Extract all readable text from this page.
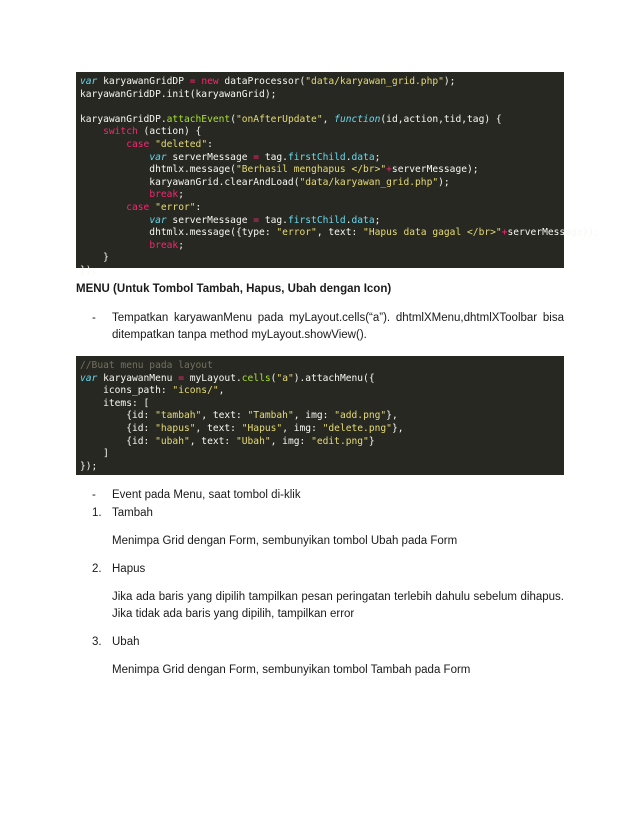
var karyawanGridDP = new dataProcessor("data/karyawan_grid.php");
karyawanGridDP.init(karyawanGrid);
karyawanGridDP.attachEvent("onAfterUpdate", function(id,action,tid,tag) {
switch (action) {
case "deleted":
var serverMessage = tag.firstChild.data;
dhtmlx.message("Berhasil menghapus </br>"+serverMessage);
karyawanGrid.clearAndLoad("data/karyawan_grid.php");
break;
case "error":
var serverMessage = tag.firstChild.data;
dhtmlx.message({type: "error", text: "Hapus data gagal </br>"+serverMessage});
break;
}
});
MENU (Untuk Tombol Tambah, Hapus, Ubah dengan Icon)
- Tempatkan karyawanMenu pada myLayout.cells(“a”). dhtmlXMenu,dhtmlXToolbar bisa ditempatkan tanpa method myLayout.showView().
//Buat menu pada layout
var karyawanMenu = myLayout.cells("a").attachMenu({
icons_path: "icons/",
items: [
{id: "tambah", text: "Tambah", img: "add.png"},
{id: "hapus", text: "Hapus", img: "delete.png"},
{id: "ubah", text: "Ubah", img: "edit.png"}
]
});
- Event pada Menu, saat tombol di-klik
1. Tambah
Menimpa Grid dengan Form, sembunyikan tombol Ubah pada Form
2. Hapus
Jika ada baris yang dipilih tampilkan pesan peringatan terlebih dahulu sebelum dihapus. Jika tidak ada baris yang dipilih, tampilkan error
3. Ubah
Menimpa Grid dengan Form, sembunyikan tombol Tambah pada Form
